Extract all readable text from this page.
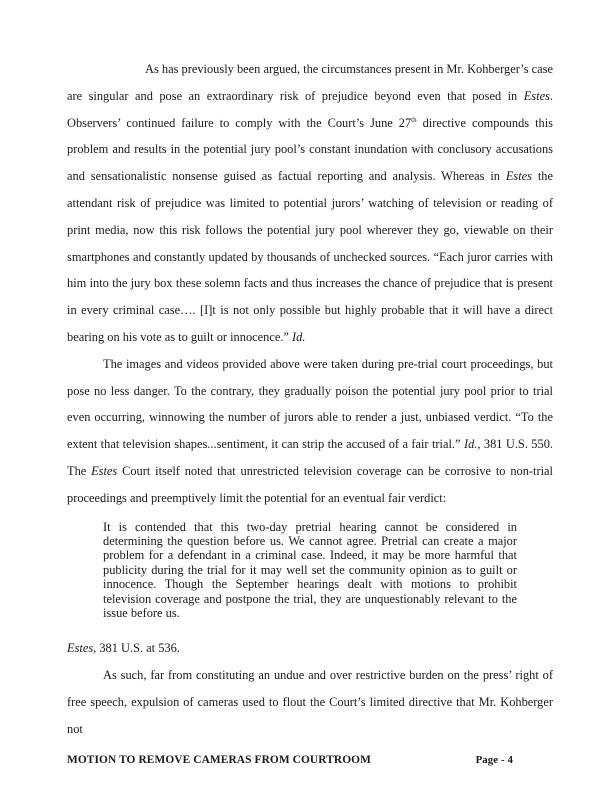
As has previously been argued, the circumstances present in Mr. Kohberger’s case are singular and pose an extraordinary risk of prejudice beyond even that posed in Estes. Observers’ continued failure to comply with the Court’s June 27th directive compounds this problem and results in the potential jury pool’s constant inundation with conclusory accusations and sensationalistic nonsense guised as factual reporting and analysis. Whereas in Estes the attendant risk of prejudice was limited to potential jurors’ watching of television or reading of print media, now this risk follows the potential jury pool wherever they go, viewable on their smartphones and constantly updated by thousands of unchecked sources. “Each juror carries with him into the jury box these solemn facts and thus increases the chance of prejudice that is present in every criminal case…. [I]t is not only possible but highly probable that it will have a direct bearing on his vote as to guilt or innocence.” Id.

The images and videos provided above were taken during pre-trial court proceedings, but pose no less danger. To the contrary, they gradually poison the potential jury pool prior to trial even occurring, winnowing the number of jurors able to render a just, unbiased verdict. “To the extent that television shapes...sentiment, it can strip the accused of a fair trial.” Id., 381 U.S. 550. The Estes Court itself noted that unrestricted television coverage can be corrosive to non-trial proceedings and preemptively limit the potential for an eventual fair verdict:

It is contended that this two-day pretrial hearing cannot be considered in determining the question before us. We cannot agree. Pretrial can create a major problem for a defendant in a criminal case. Indeed, it may be more harmful that publicity during the trial for it may well set the community opinion as to guilt or innocence. Though the September hearings dealt with motions to prohibit television coverage and postpone the trial, they are unquestionably relevant to the issue before us.

Estes, 381 U.S. at 536.

As such, far from constituting an undue and over restrictive burden on the press’ right of free speech, expulsion of cameras used to flout the Court’s limited directive that Mr. Kohberger not

MOTION TO REMOVE CAMERAS FROM COURTROOM	Page - 4
